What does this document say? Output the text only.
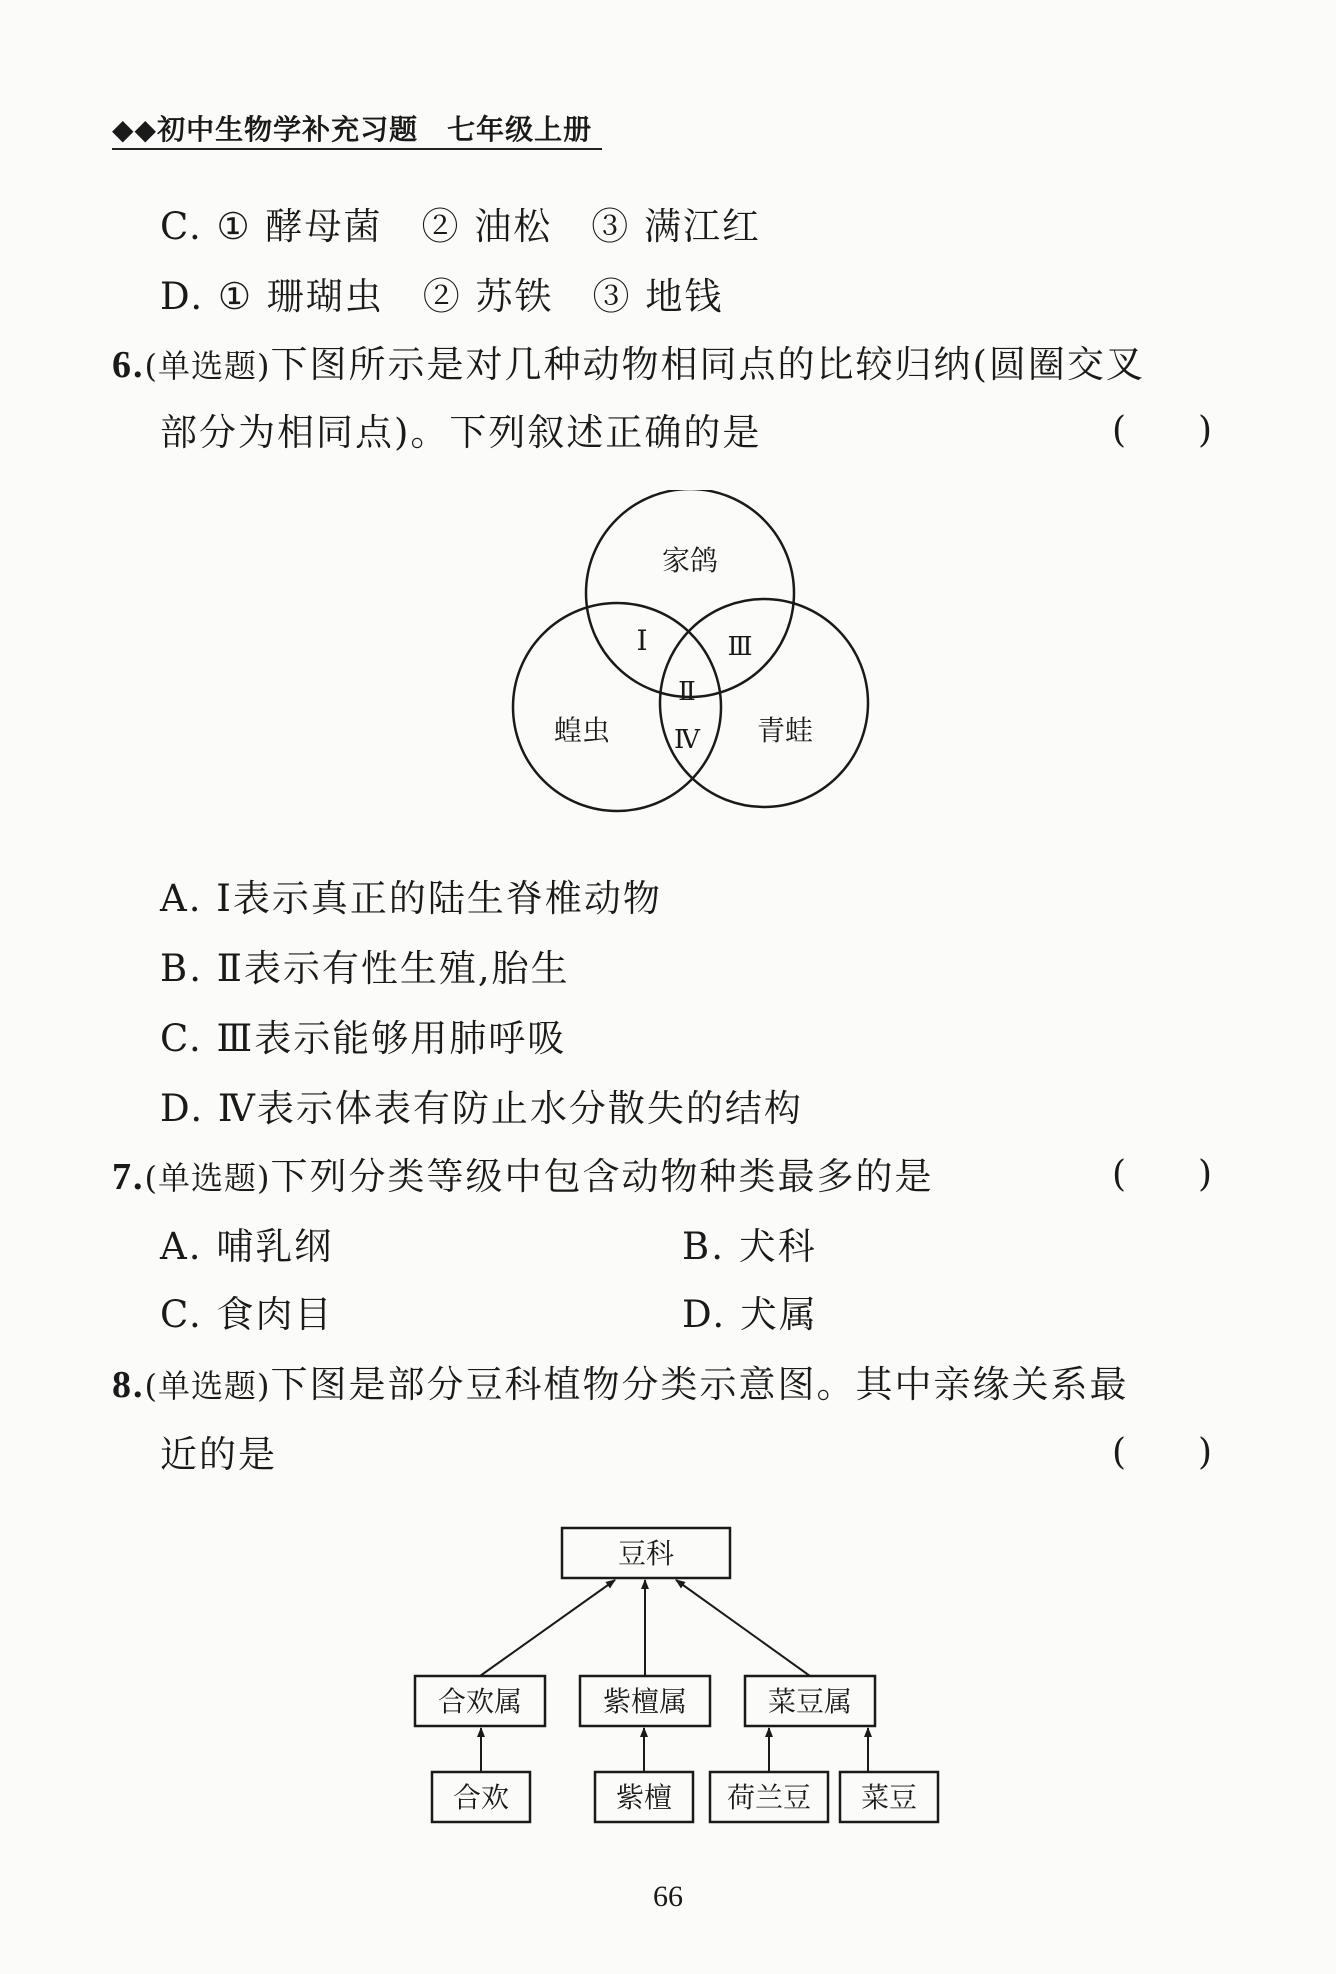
◆◆初中生物学补充习题　 七年级上册
C. ① 酵母菌　② 油松　③ 满江红
D. ① 珊瑚虫　② 苏铁　③ 地钱
6.(单选题)下图所示是对几种动物相同点的比较归纳(圆圈交叉
部分为相同点)。下列叙述正确的是	(　　)
家鸽
蝗虫	青蛙
Ⅰ
Ⅱ
Ⅲ
Ⅳ
A. Ⅰ表示真正的陆生脊椎动物
B. Ⅱ表示有性生殖,胎生
C. Ⅲ表示能够用肺呼吸
D. Ⅳ表示体表有防止水分散失的结构
7.(单选题)下列分类等级中包含动物种类最多的是	(　　)
A. 哺乳纲	B. 犬科
C. 食肉目	D. 犬属
8.(单选题)下图是部分豆科植物分类示意图。其中亲缘关系最
近的是	(　　)
豆科
合欢属	紫檀属	菜豆属
合欢	紫檀 荷兰豆 菜豆
66
